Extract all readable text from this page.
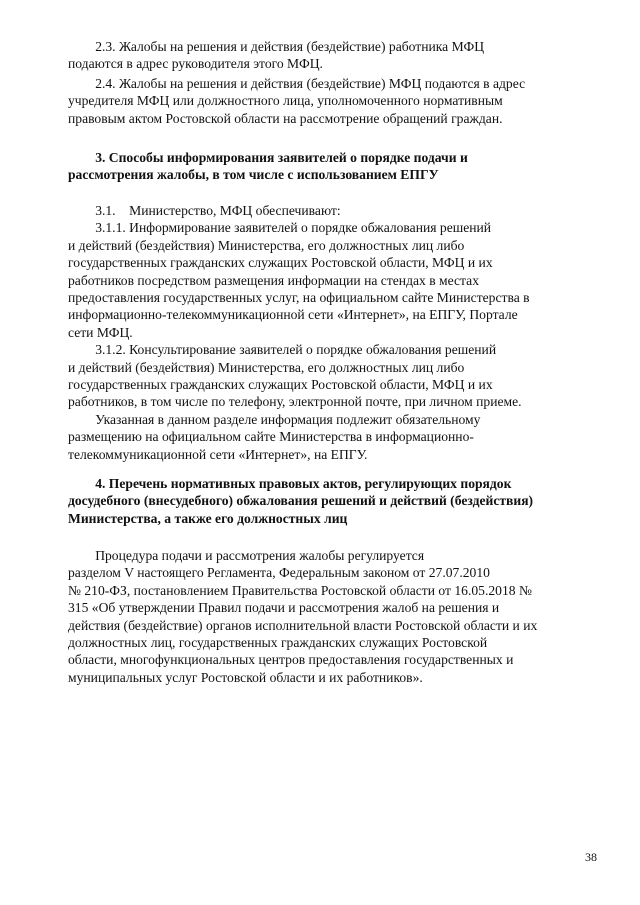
2.3. Жалобы на решения и действия (бездействие) работника МФЦ
подаются в адрес руководителя этого МФЦ.

2.4. Жалобы на решения и действия (бездействие) МФЦ подаются в адрес
учредителя МФЦ или должностного лица, уполномоченного нормативным
правовым актом Ростовской области на рассмотрение обращений граждан.

3. Способы информирования заявителей о порядке подачи и
рассмотрения жалобы, в том числе с использованием ЕПГУ

3.1.    Министерство, МФЦ обеспечивают:
3.1.1. Информирование заявителей о порядке обжалования решений
и действий (бездействия) Министерства, его должностных лиц либо
государственных гражданских служащих Ростовской области, МФЦ и их
работников посредством размещения информации на стендах в местах
предоставления государственных услуг, на официальном сайте Министерства в
информационно-телекоммуникационной сети «Интернет», на ЕПГУ, Портале
сети МФЦ.
3.1.2. Консультирование заявителей о порядке обжалования решений
и действий (бездействия) Министерства, его должностных лиц либо
государственных гражданских служащих Ростовской области, МФЦ и их
работников, в том числе по телефону, электронной почте, при личном приеме.
Указанная в данном разделе информация подлежит обязательному
размещению на официальном сайте Министерства в информационно-
телекоммуникационной сети «Интернет», на ЕПГУ.

4. Перечень нормативных правовых актов, регулирующих порядок
досудебного (внесудебного) обжалования решений и действий (бездействия)
Министерства, а также его должностных лиц

Процедура подачи и рассмотрения жалобы регулируется
разделом V настоящего Регламента, Федеральным законом от 27.07.2010
№ 210-ФЗ, постановлением Правительства Ростовской области от 16.05.2018 №
315 «Об утверждении Правил подачи и рассмотрения жалоб на решения и
действия (бездействие) органов исполнительной власти Ростовской области и их
должностных лиц, государственных гражданских служащих Ростовской
области, многофункциональных центров предоставления государственных и
муниципальных услуг Ростовской области и их работников».

38
